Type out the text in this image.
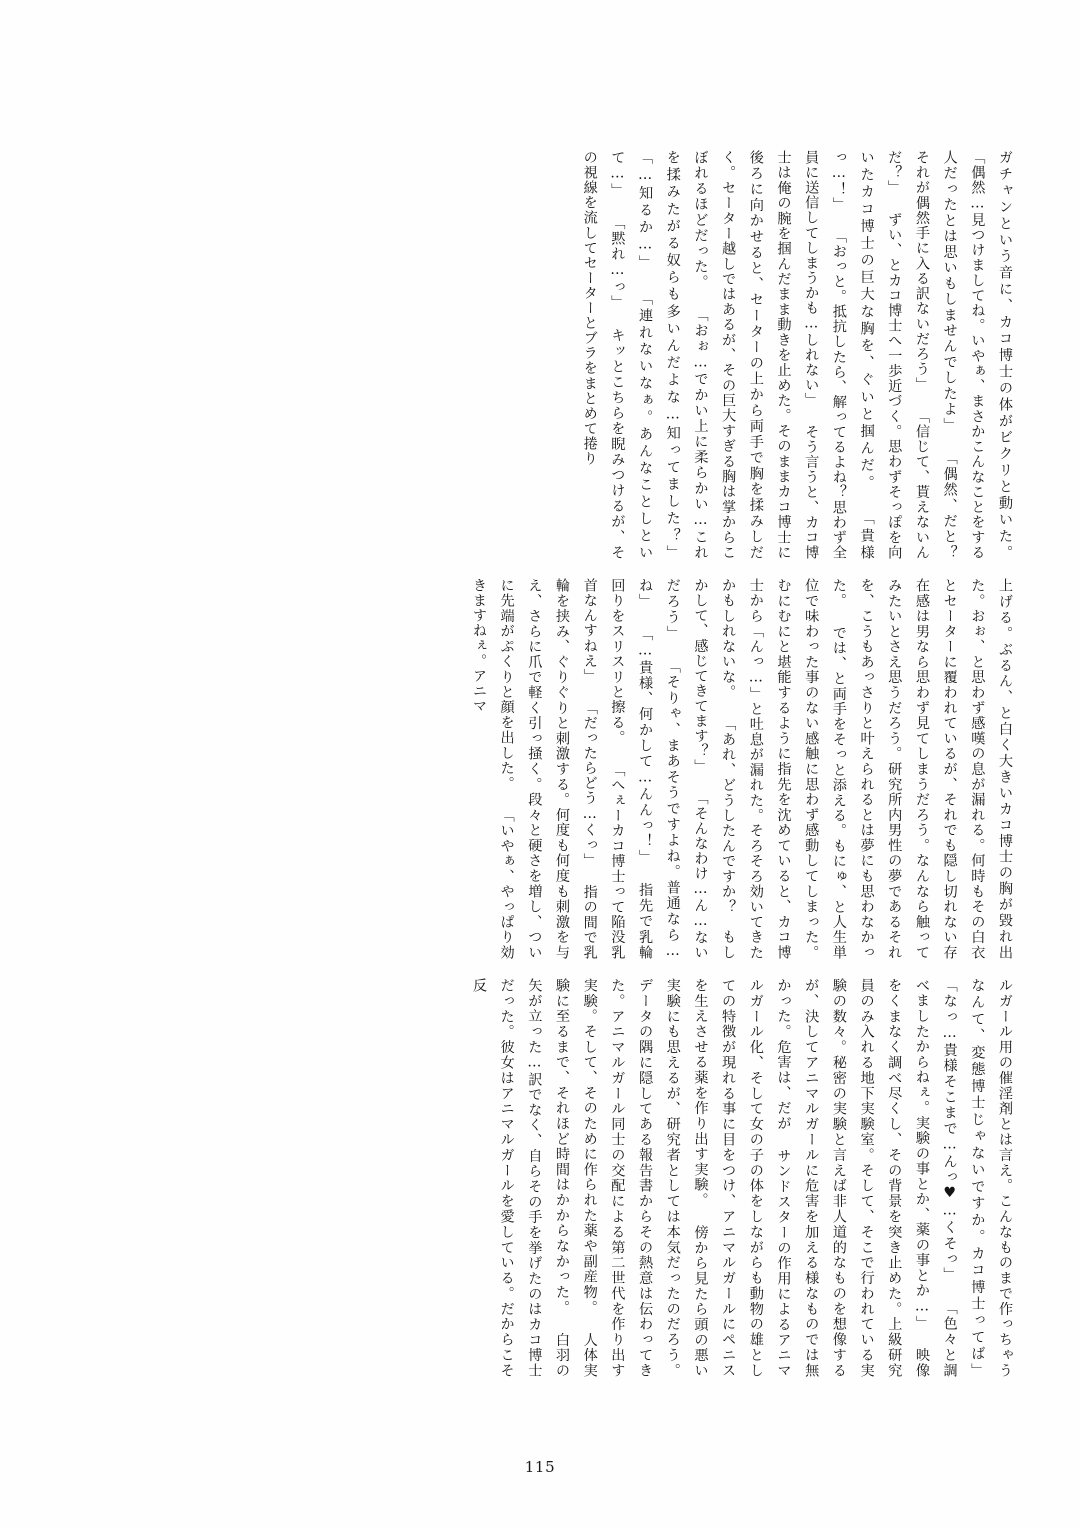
ガチャンという音に、カコ博士の体がビクリと動いた。 「偶然…見つけましてね。いやぁ、まさかこんなことをする人だったとは思いもしませんでしたよ」 「偶然、だと？　それが偶然手に入る訳ないだろう」 「信じて、貰えないんだ？」 ずい、とカコ博士へ一歩近づく。思わずそっぽを向いたカコ博士の巨大な胸を、ぐいと掴んだ。 「貴様っ…！」 「おっと。抵抗したら、解ってるよね？思わず全員に送信してしまうかも…しれない」 そう言うと、カコ博士は俺の腕を掴んだまま動きを止めた。そのままカコ博士に後ろに向かせると、セーターの上から両手で胸を揉みしだく。セーター越しではあるが、その巨大すぎる胸は掌からこぼれるほどだった。 「おぉ…でかい上に柔らかい…これを揉みたがる奴らも多いんだよな…知ってました？」 「…知るか…」 「連れないなぁ。あんなことしといて…」 「黙れ…っ」 キッとこちらを睨みつけるが、その視線を流してセーターとブラをまとめて捲り
上げる。ぶるん、と白く大きいカコ博士の胸が毀れ出た。おぉ、と思わず感嘆の息が漏れる。何時もその白衣とセーターに覆われているが、それでも隠し切れない存在感は男なら思わず見てしまうだろう。なんなら触ってみたいとさえ思うだろう。研究所内男性の夢であるそれを、こうもあっさりと叶えられるとは夢にも思わなかった。 では、と両手をそっと添える。もにゅ、と人生単位で味わった事のない感触に思わず感動してしまった。むにむにと堪能するように指先を沈めていると、カコ博士から「んっ…」と吐息が漏れた。そろそろ効いてきたかもしれないな。 「あれ、どうしたんですか？　もしかして、感じてきてます？」 「そんなわけ…ん…ないだろう」 「そりゃ、まあそうですよね。普通なら…ね」 「…貴様、何かして…んんっ！」 指先で乳輪回りをスリスリと擦る。 「へぇーカコ博士って陥没乳首なんすねえ」 「だったらどう…くっ」 指の間で乳輪を挟み、ぐりぐりと刺激する。何度も何度も刺激を与え、さらに爪で軽く引っ掻く。段々と硬さを増し、ついに先端がぷくりと顔を出した。 「いやぁ、やっぱり効きますねぇ。アニマ
ルガール用の催淫剤とは言え。こんなものまで作っちゃうなんて、変態博士じゃないですか。カコ博士ってば」 「なっ…貴様そこまで…んっ♥…くそっ」 「色々と調べましたからねぇ。実験の事とか、薬の事とか…」 映像をくまなく調べ尽くし、その背景を突き止めた。上級研究員のみ入れる地下実験室。そして、そこで行われている実験の数々。秘密の実験と言えば非人道的なものを想像するが、決してアニマルガールに危害を加える様なものでは無かった。危害は、だが サンドスターの作用によるアニマルガール化、そして女の子の体をしながらも動物の雄としての特徴が現れる事に目をつけ、アニマルガールにペニスを生えさせる薬を作り出す実験。 傍から見たら頭の悪い実験にも思えるが、研究者としては本気だったのだろう。データの隅に隠してある報告書からその熱意は伝わってきた。アニマルガール同士の交配による第二世代を作り出す実験。そして、そのために作られた薬や副産物。 人体実験に至るまで、それほど時間はかからなかった。 白羽の矢が立った…訳でなく、自らその手を挙げたのはカコ博士だった。彼女はアニマルガールを愛している。だからこそ反
115
